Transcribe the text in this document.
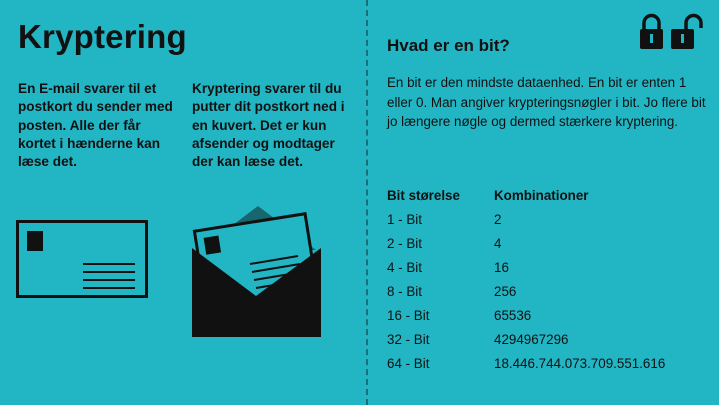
Kryptering
En E-mail svarer til et postkort du sender med posten. Alle der får kortet i hænderne kan læse det.
Kryptering svarer til du putter dit postkort ned i en kuvert. Det er kun afsender og modtager der kan læse det.
Hvad er en bit?
En bit er den mindste dataenhed. En bit er enten 1 eller 0. Man angiver krypteringsnøgler i bit. Jo flere bit jo længere nøgle og dermed stærkere kryptering.
Bit størelse	Kombinationer
1 - Bit	2
2 - Bit	4
4 - Bit	16
8 - Bit	256
16 - Bit	65536
32 - Bit	4294967296
64 - Bit	18.446.744.073.709.551.616
